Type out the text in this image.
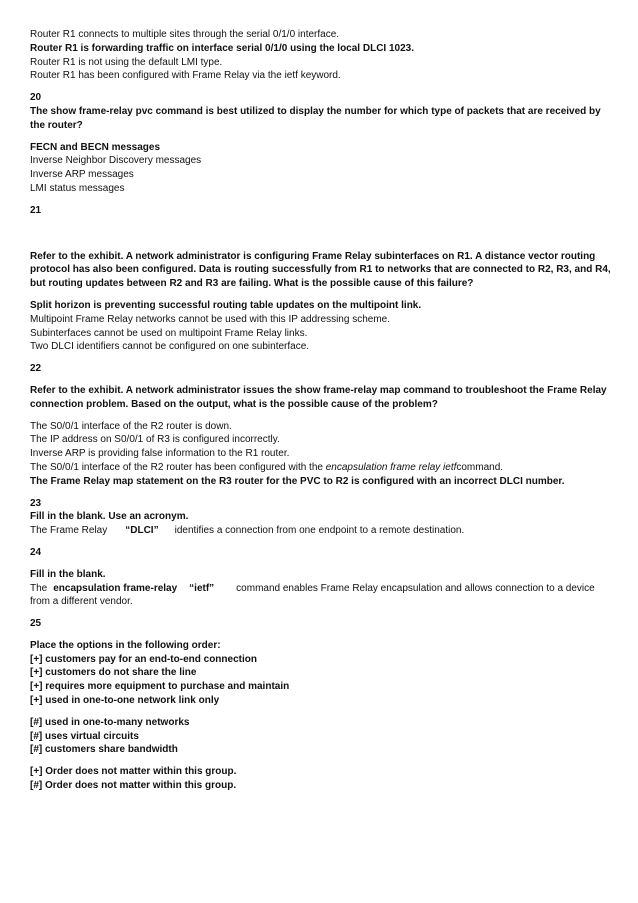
Router R1 connects to multiple sites through the serial 0/1/0 interface.
Router R1 is forwarding traffic on interface serial 0/1/0 using the local DLCI 1023.
Router R1 is not using the default LMI type.
Router R1 has been configured with Frame Relay via the ietf keyword.
20
The show frame-relay pvc command is best utilized to display the number for which type of packets that are received by the router?
FECN and BECN messages
Inverse Neighbor Discovery messages
Inverse ARP messages
LMI status messages
21
Refer to the exhibit. A network administrator is configuring Frame Relay subinterfaces on R1. A distance vector routing protocol has also been configured. Data is routing successfully from R1 to networks that are connected to R2, R3, and R4, but routing updates between R2 and R3 are failing. What is the possible cause of this failure?
Split horizon is preventing successful routing table updates on the multipoint link.
Multipoint Frame Relay networks cannot be used with this IP addressing scheme.
Subinterfaces cannot be used on multipoint Frame Relay links.
Two DLCI identifiers cannot be configured on one subinterface.
22
Refer to the exhibit. A network administrator issues the show frame-relay map command to troubleshoot the Frame Relay connection problem. Based on the output, what is the possible cause of the problem?
The S0/0/1 interface of the R2 router is down.
The IP address on S0/0/1 of R3 is configured incorrectly.
Inverse ARP is providing false information to the R1 router.
The S0/0/1 interface of the R2 router has been configured with the encapsulation frame relay ietfcommand.
The Frame Relay map statement on the R3 router for the PVC to R2 is configured with an incorrect DLCI number.
23
Fill in the blank. Use an acronym.
The Frame Relay “DLCI” identifies a connection from one endpoint to a remote destination.
24
Fill in the blank.
The encapsulation frame-relay “ietf” command enables Frame Relay encapsulation and allows connection to a device
from a different vendor.
25
Place the options in the following order:
[+] customers pay for an end-to-end connection
[+] customers do not share the line
[+] requires more equipment to purchase and maintain
[+] used in one-to-one network link only
[#] used in one-to-many networks
[#] uses virtual circuits
[#] customers share bandwidth
[+] Order does not matter within this group.
[#] Order does not matter within this group.
